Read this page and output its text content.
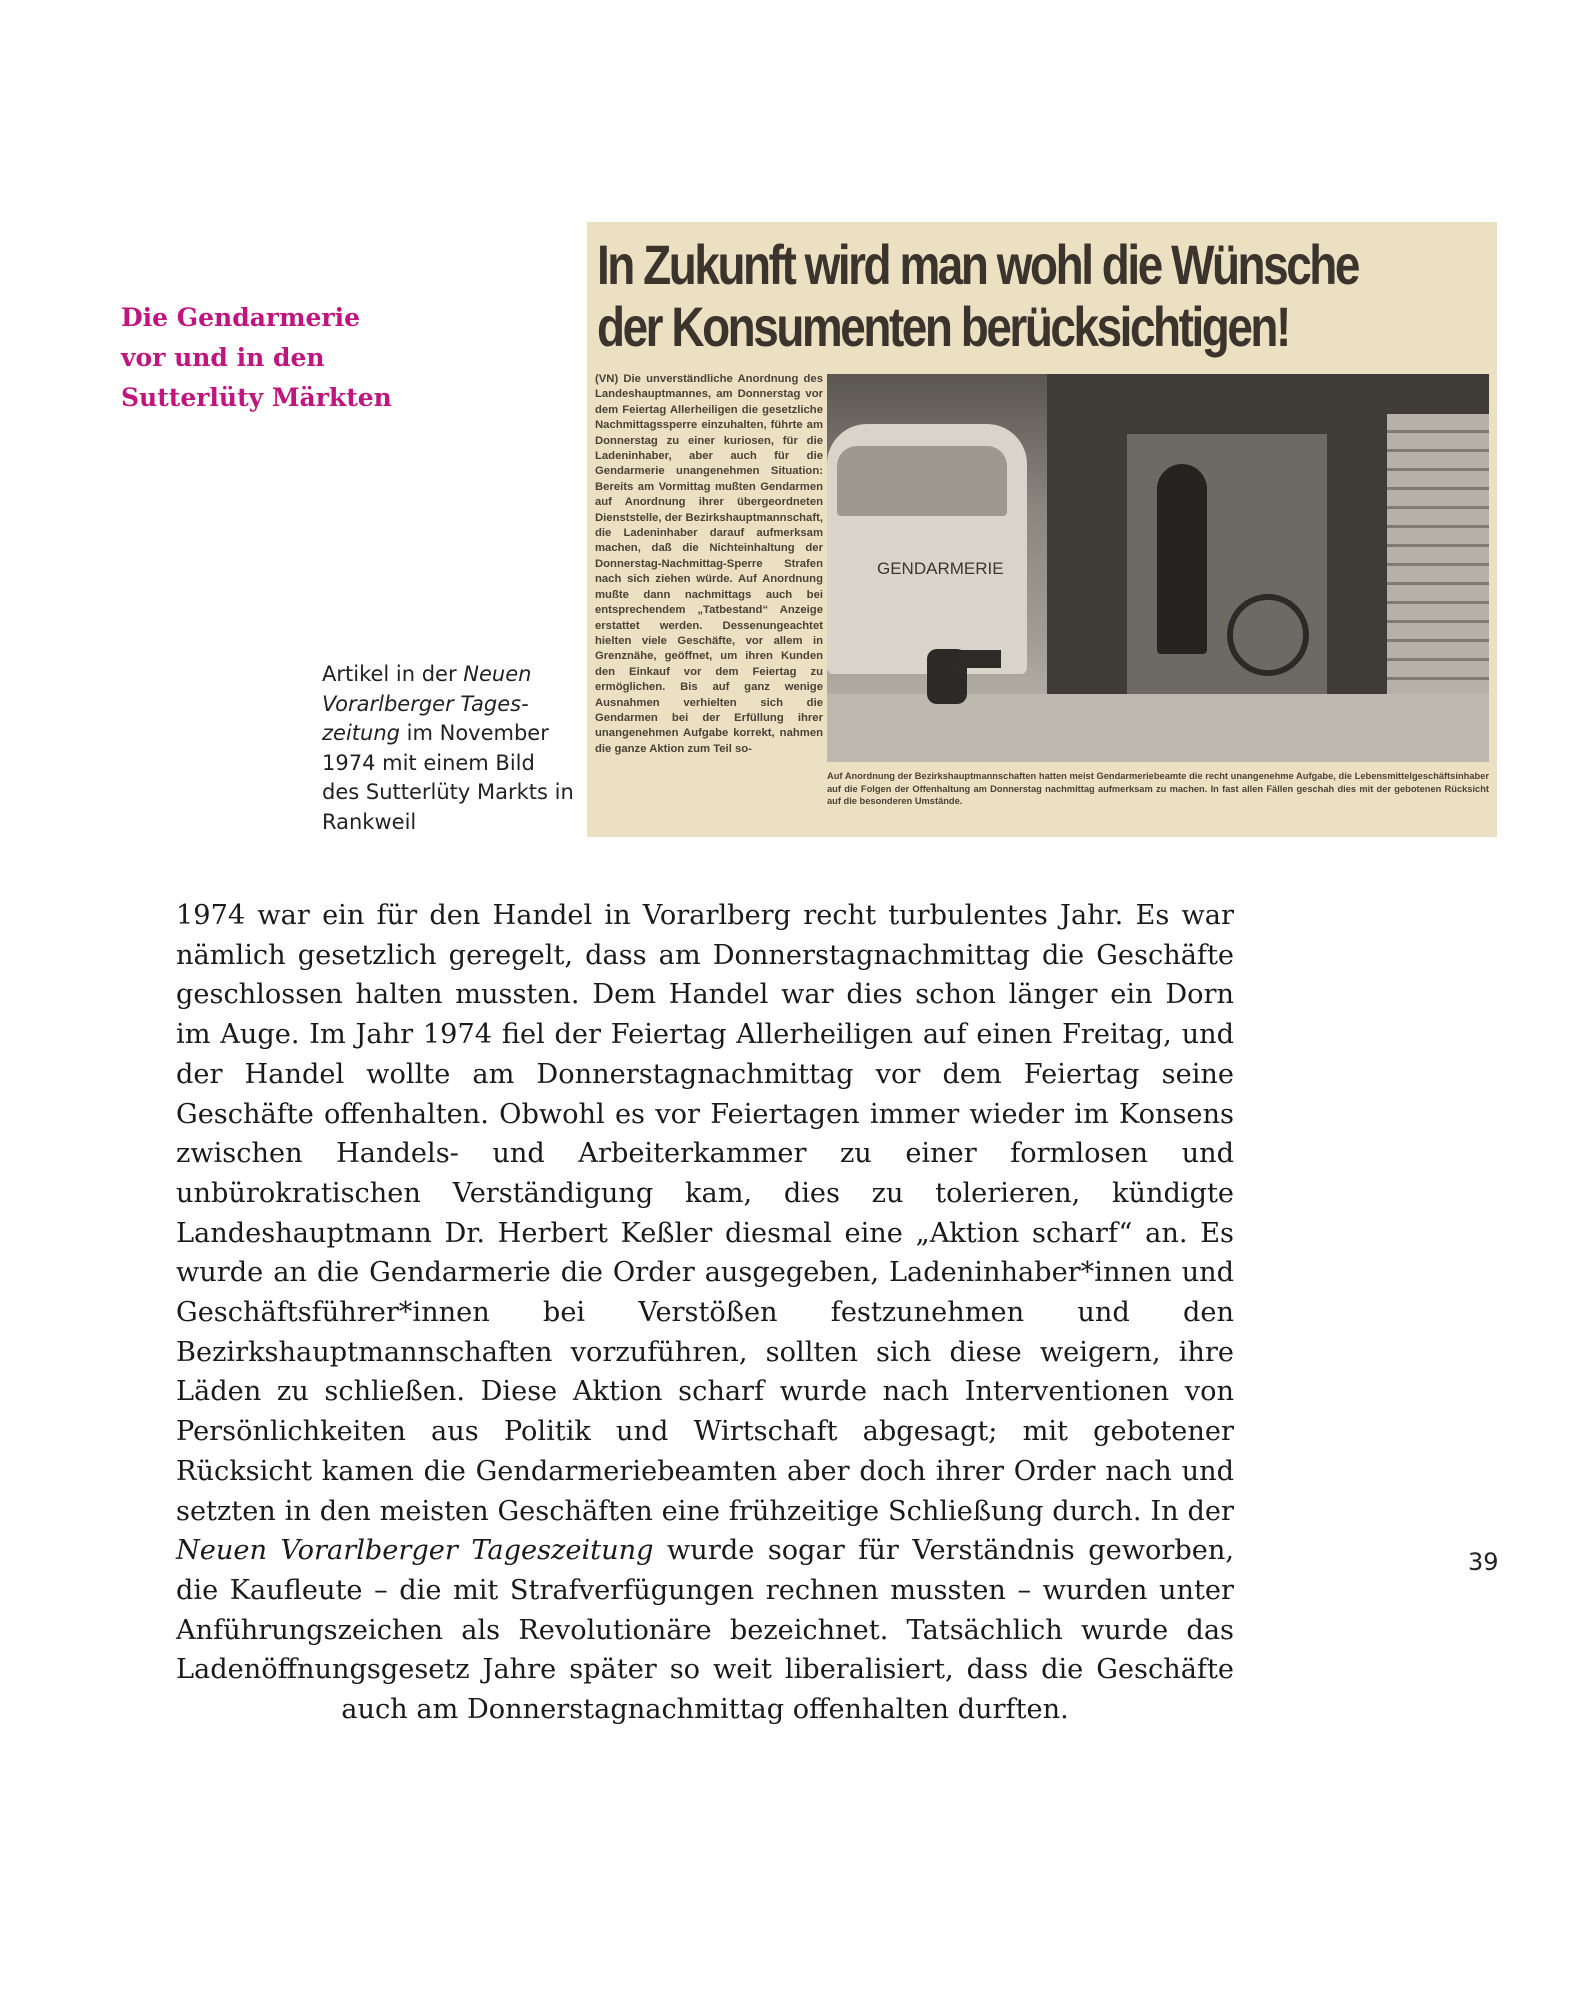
Die Gendarmerie
vor und in den
Sutterlüty Märkten
Artikel in der Neuen Vorarlberger Tages-zeitung im November 1974 mit einem Bild des Sutterlüty Markts in Rankweil
In Zukunft wird man wohl die Wünsche
der Konsumenten berücksichtigen!
(VN) Die unverständliche Anordnung des Landeshauptmannes, am Donnerstag vor dem Feiertag Allerheiligen die gesetzliche Nachmittagssperre einzuhalten, führte am Donnerstag zu einer kuriosen, für die Ladeninhaber, aber auch für die Gendarmerie unangenehmen Situation: Bereits am Vormittag mußten Gendarmen auf Anordnung ihrer übergeordneten Dienststelle, der Bezirkshauptmannschaft, die Ladeninhaber darauf aufmerksam machen, daß die Nichteinhaltung der Donnerstag-Nachmittag-Sperre Strafen nach sich ziehen würde. Auf Anordnung mußte dann nachmittags auch bei entsprechendem „Tatbestand“ Anzeige erstattet werden. Dessenungeachtet hielten viele Geschäfte, vor allem in Grenznähe, geöffnet, um ihren Kunden den Einkauf vor dem Feiertag zu ermöglichen. Bis auf ganz wenige Ausnahmen verhielten sich die Gendarmen bei der Erfüllung ihrer unangenehmen Aufgabe korrekt, nahmen die ganze Aktion zum Teil so-
GENDARMERIE
Auf Anordnung der Bezirkshauptmannschaften hatten meist Gendarmeriebeamte die recht unangenehme Aufgabe, die Lebensmittelgeschäftsinhaber auf die Folgen der Offenhaltung am Donnerstag nachmittag aufmerksam zu machen. In fast allen Fällen geschah dies mit der gebotenen Rücksicht auf die besonderen Umstände.
1974 war ein für den Handel in Vorarlberg recht turbulentes Jahr. Es war nämlich gesetzlich geregelt, dass am Donnerstagnachmittag die Geschäfte geschlossen halten mussten. Dem Handel war dies schon länger ein Dorn im Auge. Im Jahr 1974 fiel der Feiertag Allerheiligen auf einen Freitag, und der Handel wollte am Donnerstagnachmittag vor dem Feiertag seine Geschäfte offenhalten. Obwohl es vor Feiertagen immer wieder im Konsens zwischen Handels- und Arbeiterkammer zu einer formlosen und unbürokratischen Verständigung kam, dies zu tolerieren, kündigte Landeshauptmann Dr. Herbert Keßler diesmal eine „Aktion scharf“ an. Es wurde an die Gendarmerie die Order ausgegeben, Ladeninhaber*innen und Geschäftsführer*innen bei Verstößen festzunehmen und den Bezirkshauptmannschaften vorzuführen, sollten sich diese weigern, ihre Läden zu schließen. Diese Aktion scharf wurde nach Interventionen von Persönlichkeiten aus Politik und Wirtschaft abgesagt; mit gebotener Rücksicht kamen die Gendarmeriebeamten aber doch ihrer Order nach und setzten in den meisten Geschäften eine frühzeitige Schließung durch. In der Neuen Vorarlberger Tageszeitung wurde sogar für Verständnis geworben, die Kaufleute – die mit Strafverfügungen rechnen mussten – wurden unter Anführungszeichen als Revolutionäre bezeichnet. Tatsächlich wurde das Ladenöffnungsgesetz Jahre später so weit liberalisiert, dass die Geschäfte auch am Donnerstagnachmittag offenhalten durften.
39
